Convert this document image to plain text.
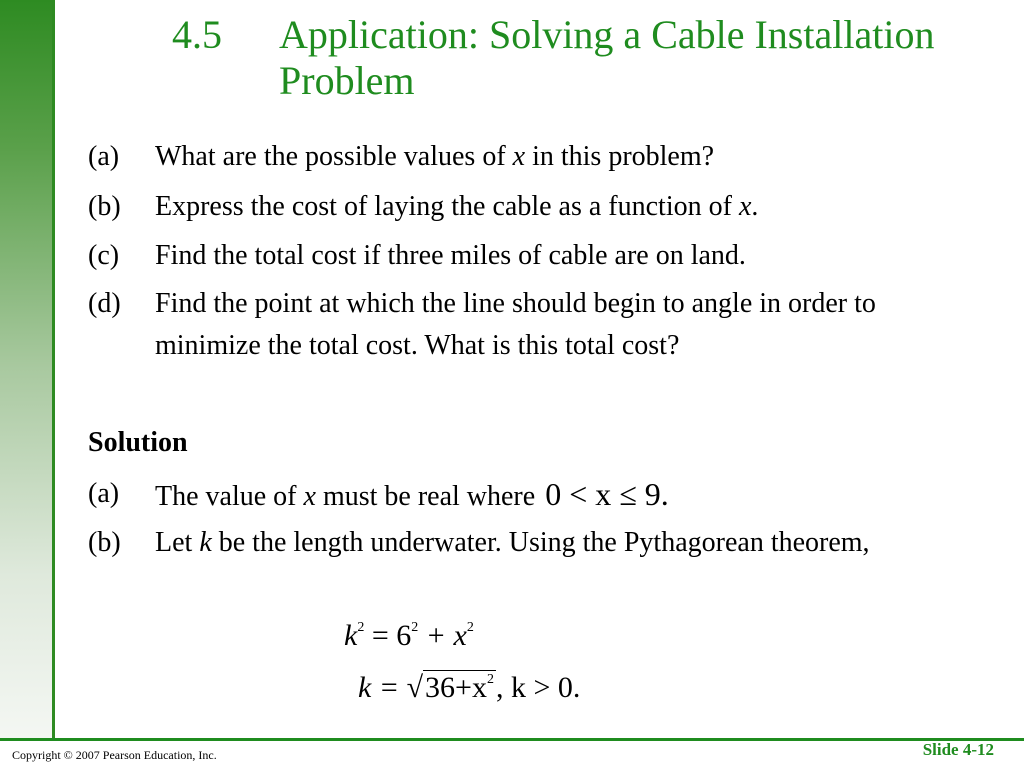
4.5 Application: Solving a Cable Installation Problem
(a) What are the possible values of x in this problem?
(b) Express the cost of laying the cable as a function of x.
(c) Find the total cost if three miles of cable are on land.
(d) Find the point at which the line should begin to angle in order to minimize the total cost. What is this total cost?
Solution
(a) The value of x must be real where 0 < x ≤ 9.
(b) Let k be the length underwater. Using the Pythagorean theorem,
$k^2 = 6^2 + x^2$
$k = √36+x^2$, k > 0.
Copyright © 2007 Pearson Education, Inc.	Slide 4-12
